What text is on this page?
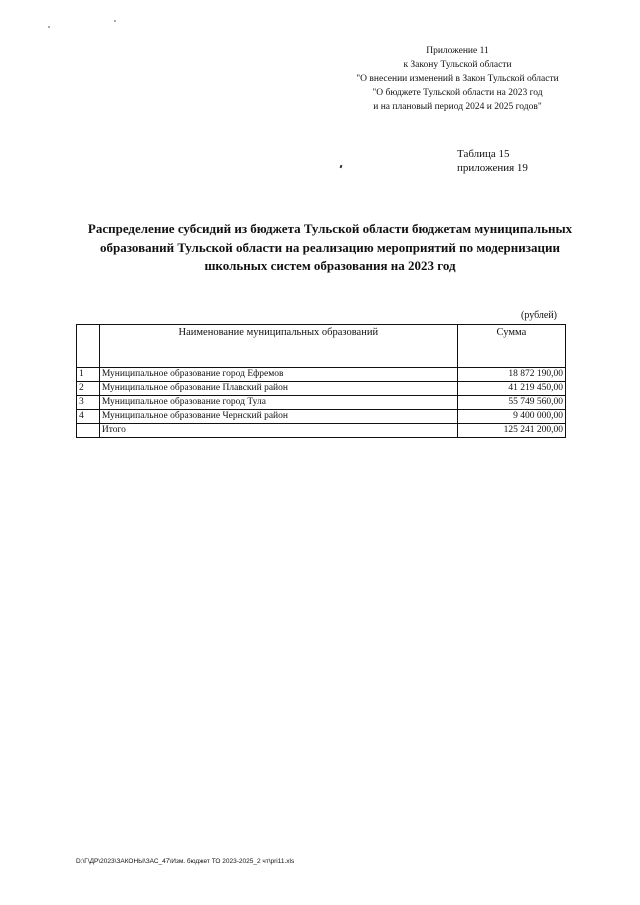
Приложение 11
к Закону Тульской области
"О внесении изменений в Закон Тульской области
"О бюджете Тульской области на 2023 год
и на плановый период 2024 и 2025 годов"
Таблица 15
приложения 19
Распределение субсидий из бюджета Тульской области бюджетам муниципальных
образований Тульской области на реализацию мероприятий по модернизации
школьных систем образования на 2023 год
(рублей)
	Наименование муниципальных образований	Сумма
1	Муниципальное образование город Ефремов	18 872 190,00
2	Муниципальное образование Плавский район	41 219 450,00
3	Муниципальное образование город Тула	55 749 560,00
4	Муниципальное образование Чернский район	9 400 000,00
	Итого	125 241 200,00
D:\Г\ДР\2023\ЗАКОНЫ\ЗАС_47\Изм. бюджет ТО 2023-2025_2 чт\pri11.xls
